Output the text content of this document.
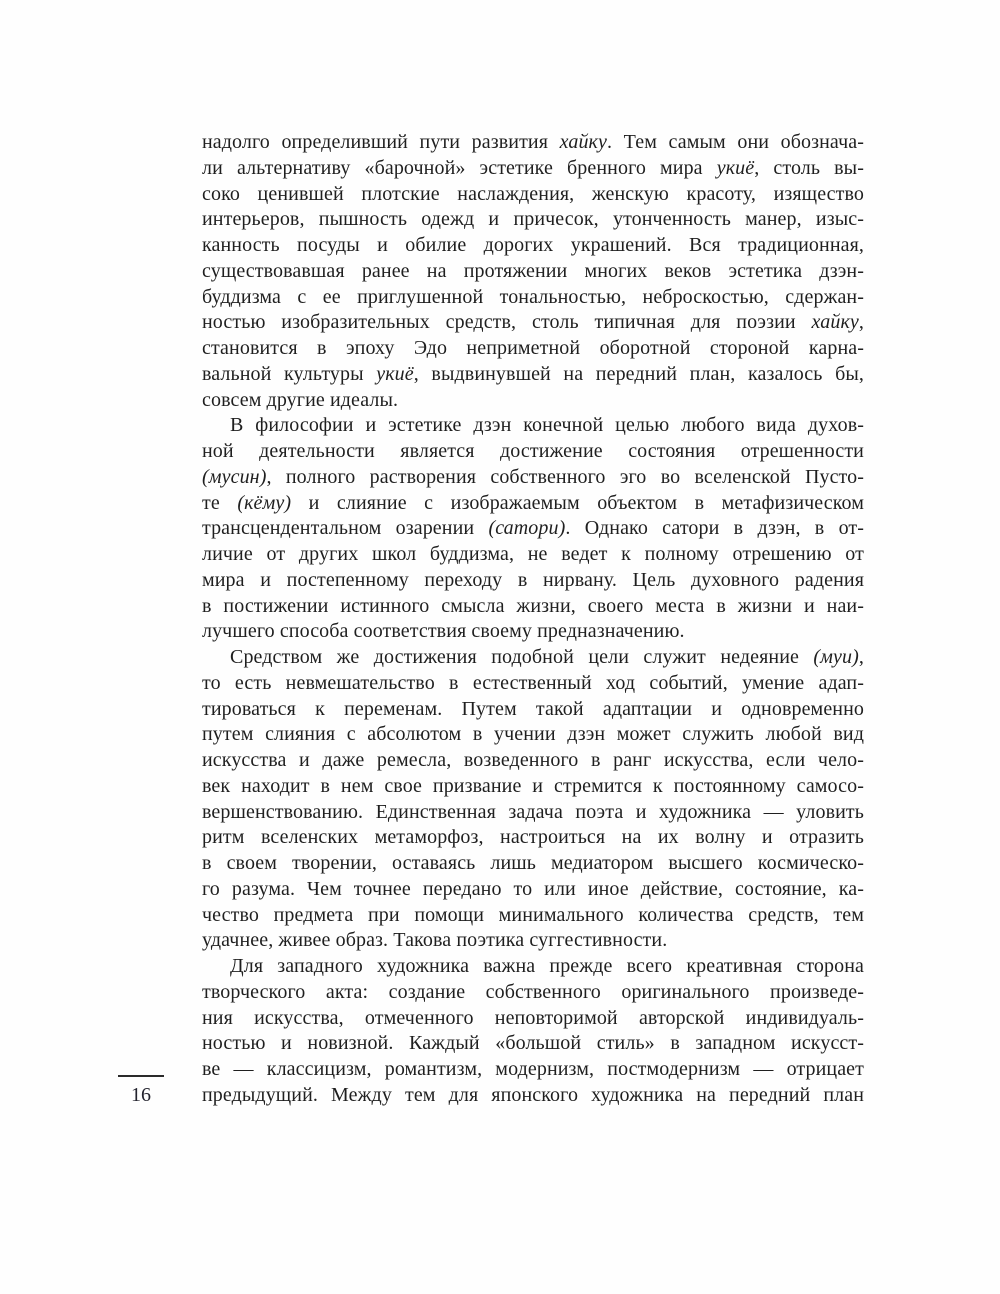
надолго определивший пути развития хайку. Тем самым они обознача-
ли альтернативу «барочной» эстетике бренного мира укиё, столь вы-
соко ценившей плотские наслаждения, женскую красоту, изящество
интерьеров, пышность одежд и причесок, утонченность манер, изыс-
канность посуды и обилие дорогих украшений. Вся традиционная,
существовавшая ранее на протяжении многих веков эстетика дзэн-
буддизма с ее приглушенной тональностью, неброскостью, сдержан-
ностью изобразительных средств, столь типичная для поэзии хайку,
становится в эпоху Эдо неприметной оборотной стороной карна-
вальной культуры укиё, выдвинувшей на передний план, казалось бы,
совсем другие идеалы.
В философии и эстетике дзэн конечной целью любого вида духов-
ной деятельности является достижение состояния отрешенности
(мусин), полного растворения собственного эго во вселенской Пусто-
те (кёму) и слияние с изображаемым объектом в метафизическом
трансцендентальном озарении (сатори). Однако сатори в дзэн, в от-
личие от других школ буддизма, не ведет к полному отрешению от
мира и постепенному переходу в нирвану. Цель духовного радения
в постижении истинного смысла жизни, своего места в жизни и наи-
лучшего способа соответствия своему предназначению.
Средством же достижения подобной цели служит недеяние (муи),
то есть невмешательство в естественный ход событий, умение адап-
тироваться к переменам. Путем такой адаптации и одновременно
путем слияния с абсолютом в учении дзэн может служить любой вид
искусства и даже ремесла, возведенного в ранг искусства, если чело-
век находит в нем свое призвание и стремится к постоянному самосо-
вершенствованию. Единственная задача поэта и художника — уловить
ритм вселенских метаморфоз, настроиться на их волну и отразить
в своем творении, оставаясь лишь медиатором высшего космическо-
го разума. Чем точнее передано то или иное действие, состояние, ка-
чество предмета при помощи минимального количества средств, тем
удачнее, живее образ. Такова поэтика суггестивности.
Для западного художника важна прежде всего креативная сторона
творческого акта: создание собственного оригинального произведе-
ния искусства, отмеченного неповторимой авторской индивидуаль-
ностью и новизной. Каждый «большой стиль» в западном искусст-
ве — классицизм, романтизм, модернизм, постмодернизм — отрицает
предыдущий. Между тем для японского художника на передний план
16
